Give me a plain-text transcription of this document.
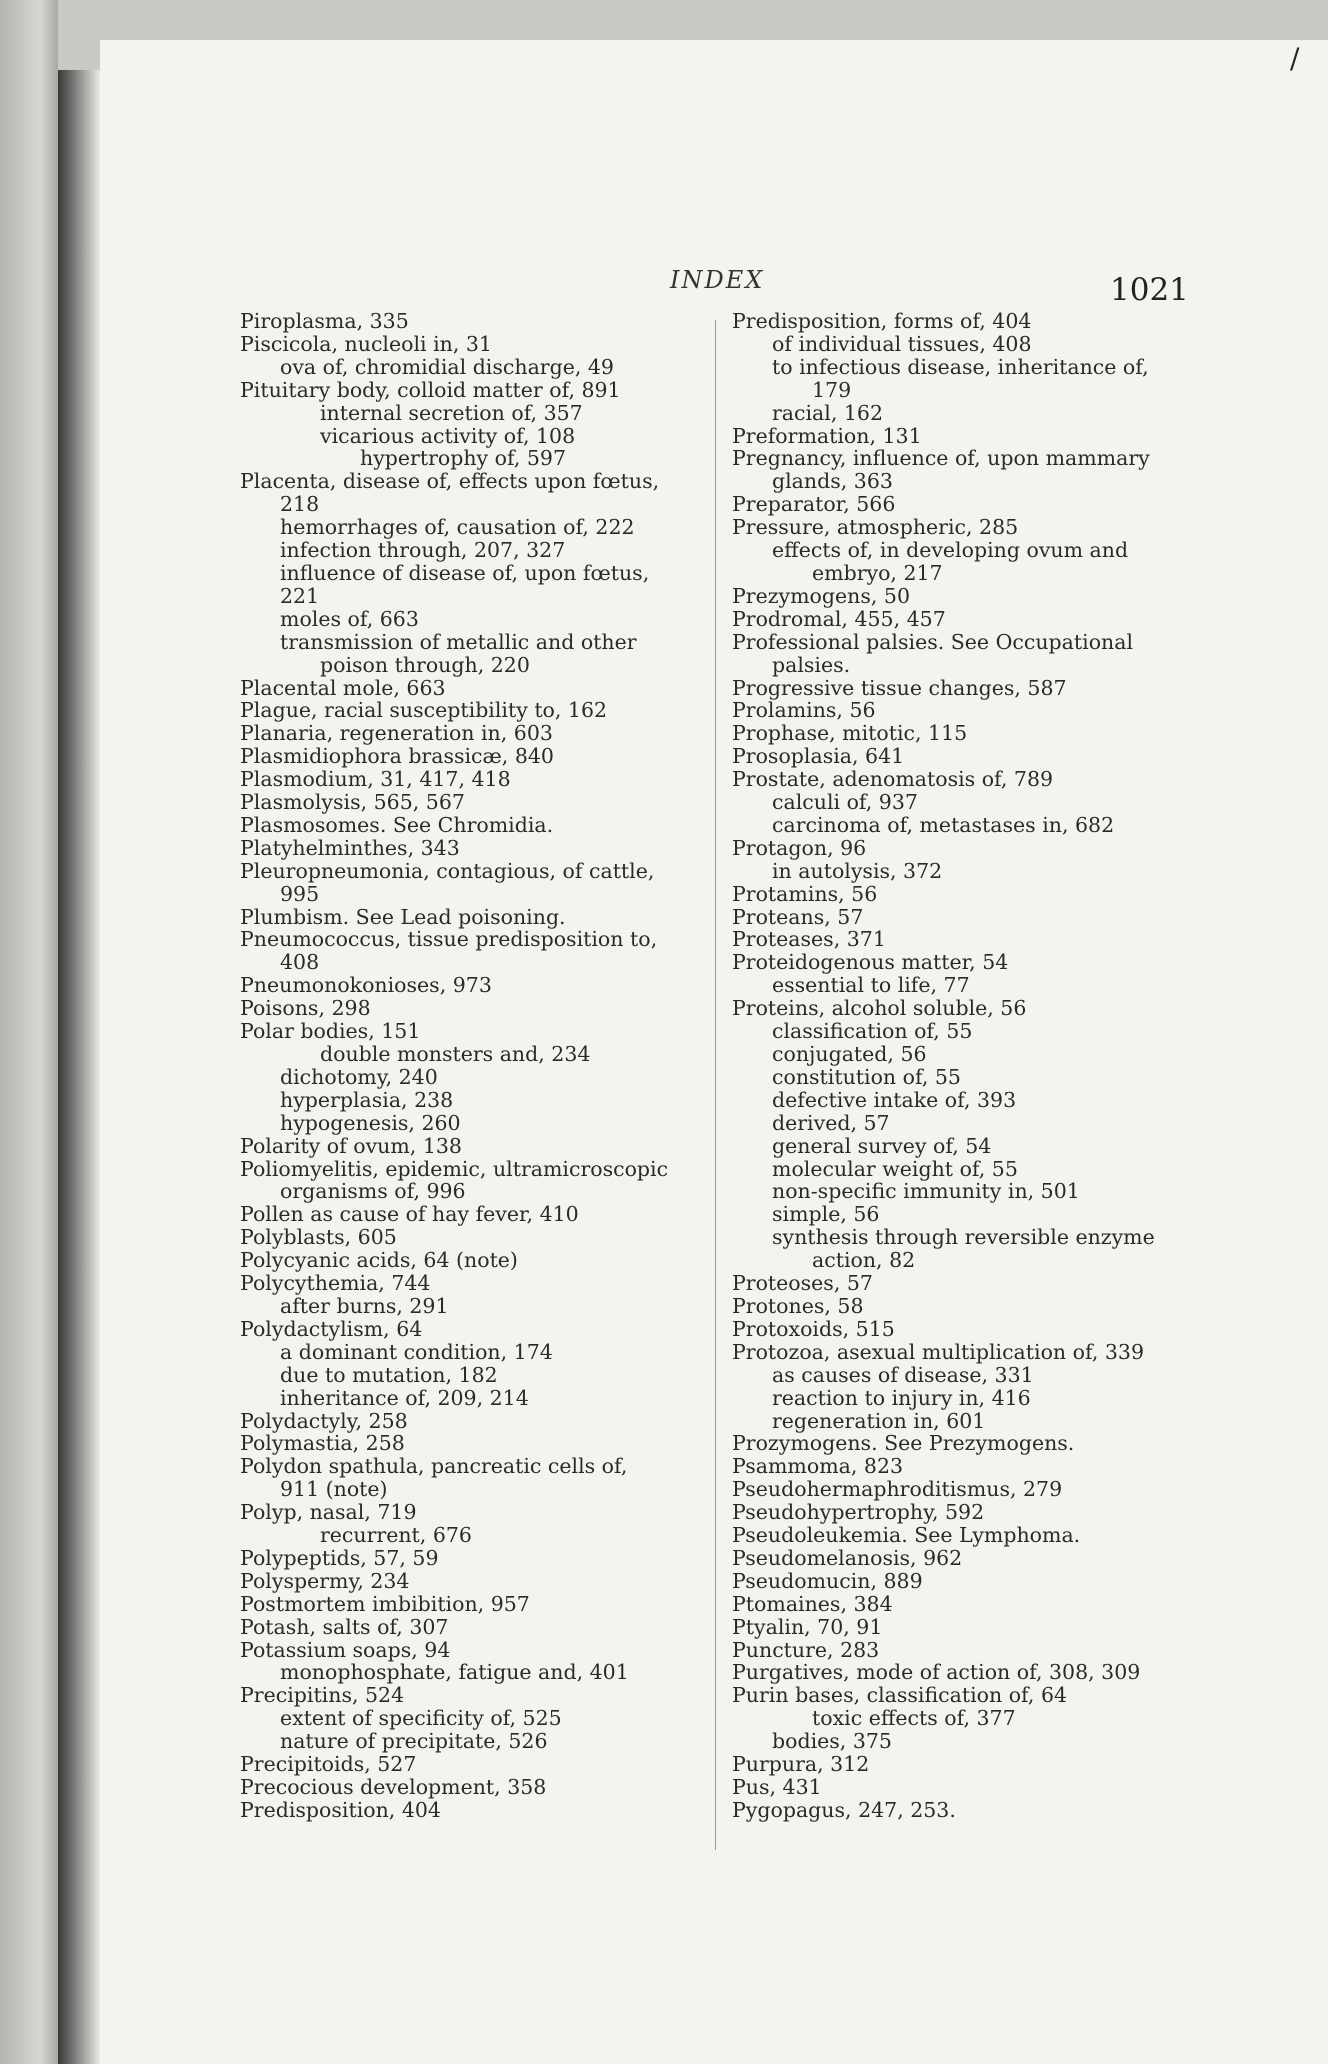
INDEX	1021
/
Piroplasma, 335
Piscicola, nucleoli in, 31
ova of, chromidial discharge, 49
Pituitary body, colloid matter of, 891
internal secretion of, 357
vicarious activity of, 108
hypertrophy of, 597
Placenta, disease of, effects upon fœtus,
218
hemorrhages of, causation of, 222
infection through, 207, 327
influence of disease of, upon fœtus,
221
moles of, 663
transmission of metallic and other
poison through, 220
Placental mole, 663
Plague, racial susceptibility to, 162
Planaria, regeneration in, 603
Plasmidiophora brassicæ, 840
Plasmodium, 31, 417, 418
Plasmolysis, 565, 567
Plasmosomes. See Chromidia.
Platyhelminthes, 343
Pleuropneumonia, contagious, of cattle,
995
Plumbism. See Lead poisoning.
Pneumococcus, tissue predisposition to,
408
Pneumonokonioses, 973
Poisons, 298
Polar bodies, 151
double monsters and, 234
dichotomy, 240
hyperplasia, 238
hypogenesis, 260
Polarity of ovum, 138
Poliomyelitis, epidemic, ultramicroscopic
organisms of, 996
Pollen as cause of hay fever, 410
Polyblasts, 605
Polycyanic acids, 64 (note)
Polycythemia, 744
after burns, 291
Polydactylism, 64
a dominant condition, 174
due to mutation, 182
inheritance of, 209, 214
Polydactyly, 258
Polymastia, 258
Polydon spathula, pancreatic cells of,
911 (note)
Polyp, nasal, 719
recurrent, 676
Polypeptids, 57, 59
Polyspermy, 234
Postmortem imbibition, 957
Potash, salts of, 307
Potassium soaps, 94
monophosphate, fatigue and, 401
Precipitins, 524
extent of specificity of, 525
nature of precipitate, 526
Precipitoids, 527
Precocious development, 358
Predisposition, 404
Predisposition, forms of, 404
of individual tissues, 408
to infectious disease, inheritance of,
179
racial, 162
Preformation, 131
Pregnancy, influence of, upon mammary
glands, 363
Preparator, 566
Pressure, atmospheric, 285
effects of, in developing ovum and
embryo, 217
Prezymogens, 50
Prodromal, 455, 457
Professional palsies. See Occupational
palsies.
Progressive tissue changes, 587
Prolamins, 56
Prophase, mitotic, 115
Prosoplasia, 641
Prostate, adenomatosis of, 789
calculi of, 937
carcinoma of, metastases in, 682
Protagon, 96
in autolysis, 372
Protamins, 56
Proteans, 57
Proteases, 371
Proteidogenous matter, 54
essential to life, 77
Proteins, alcohol soluble, 56
classification of, 55
conjugated, 56
constitution of, 55
defective intake of, 393
derived, 57
general survey of, 54
molecular weight of, 55
non-specific immunity in, 501
simple, 56
synthesis through reversible enzyme
action, 82
Proteoses, 57
Protones, 58
Protoxoids, 515
Protozoa, asexual multiplication of, 339
as causes of disease, 331
reaction to injury in, 416
regeneration in, 601
Prozymogens. See Prezymogens.
Psammoma, 823
Pseudohermaphroditismus, 279
Pseudohypertrophy, 592
Pseudoleukemia. See Lymphoma.
Pseudomelanosis, 962
Pseudomucin, 889
Ptomaines, 384
Ptyalin, 70, 91
Puncture, 283
Purgatives, mode of action of, 308, 309
Purin bases, classification of, 64
toxic effects of, 377
bodies, 375
Purpura, 312
Pus, 431
Pygopagus, 247, 253.
